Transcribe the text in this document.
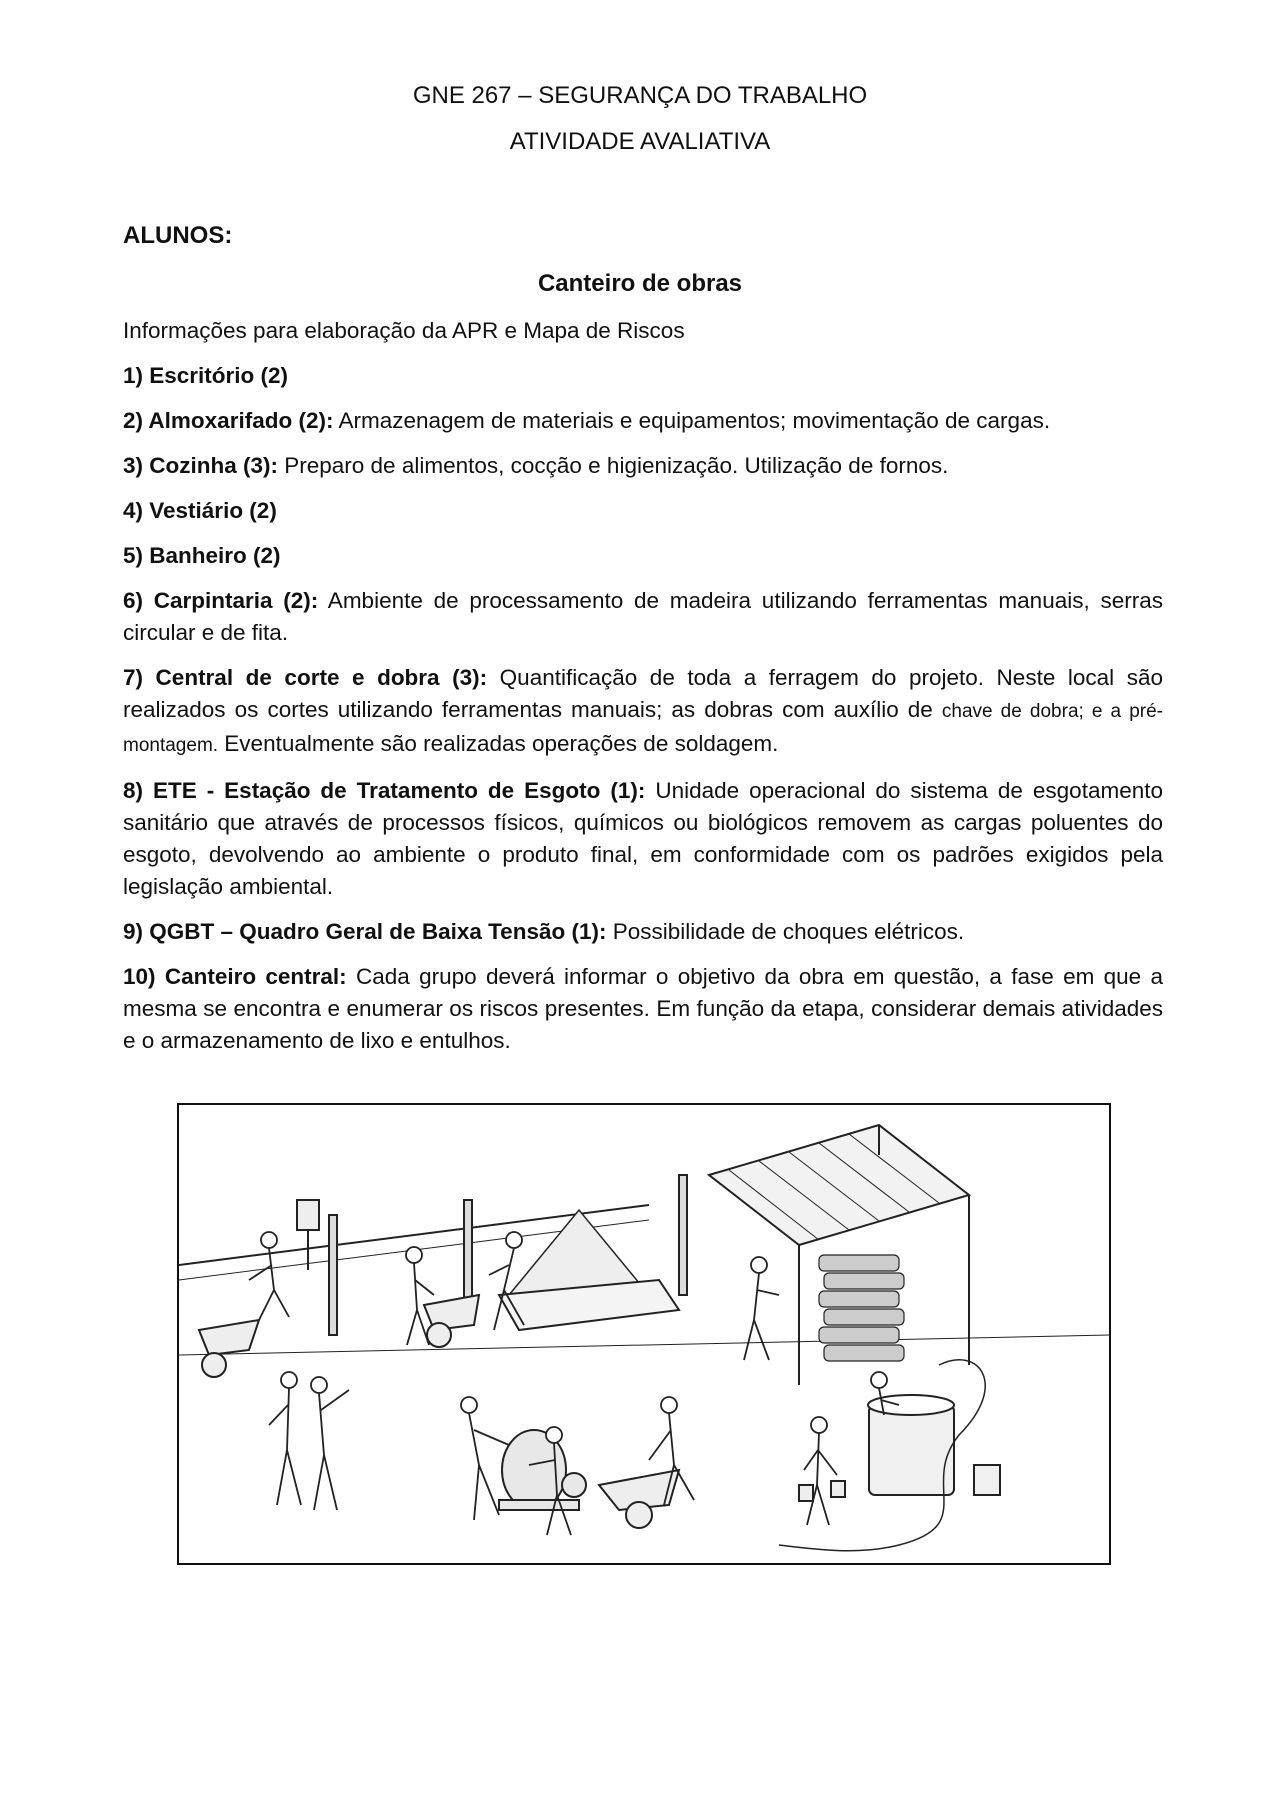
GNE 267 – SEGURANÇA DO TRABALHO
ATIVIDADE AVALIATIVA
ALUNOS:
Canteiro de obras

Informações para elaboração da APR e Mapa de Riscos

1) Escritório (2)

2) Almoxarifado (2): Armazenagem de materiais e equipamentos; movimentação de cargas.

3) Cozinha (3): Preparo de alimentos, cocção e higienização. Utilização de fornos.

4) Vestiário (2)

5) Banheiro (2)

6) Carpintaria (2): Ambiente de processamento de madeira utilizando ferramentas manuais, serras circular e de fita.

7) Central de corte e dobra (3): Quantificação de toda a ferragem do projeto. Neste local são realizados os cortes utilizando ferramentas manuais; as dobras com auxílio de chave de dobra; e a pré-montagem. Eventualmente são realizadas operações de soldagem.

8) ETE - Estação de Tratamento de Esgoto (1): Unidade operacional do sistema de esgotamento sanitário que através de processos físicos, químicos ou biológicos removem as cargas poluentes do esgoto, devolvendo ao ambiente o produto final, em conformidade com os padrões exigidos pela legislação ambiental.

9) QGBT – Quadro Geral de Baixa Tensão (1): Possibilidade de choques elétricos.

10) Canteiro central: Cada grupo deverá informar o objetivo da obra em questão, a fase em que a mesma se encontra e enumerar os riscos presentes. Em função da etapa, considerar demais atividades e o armazenamento de lixo e entulhos.
